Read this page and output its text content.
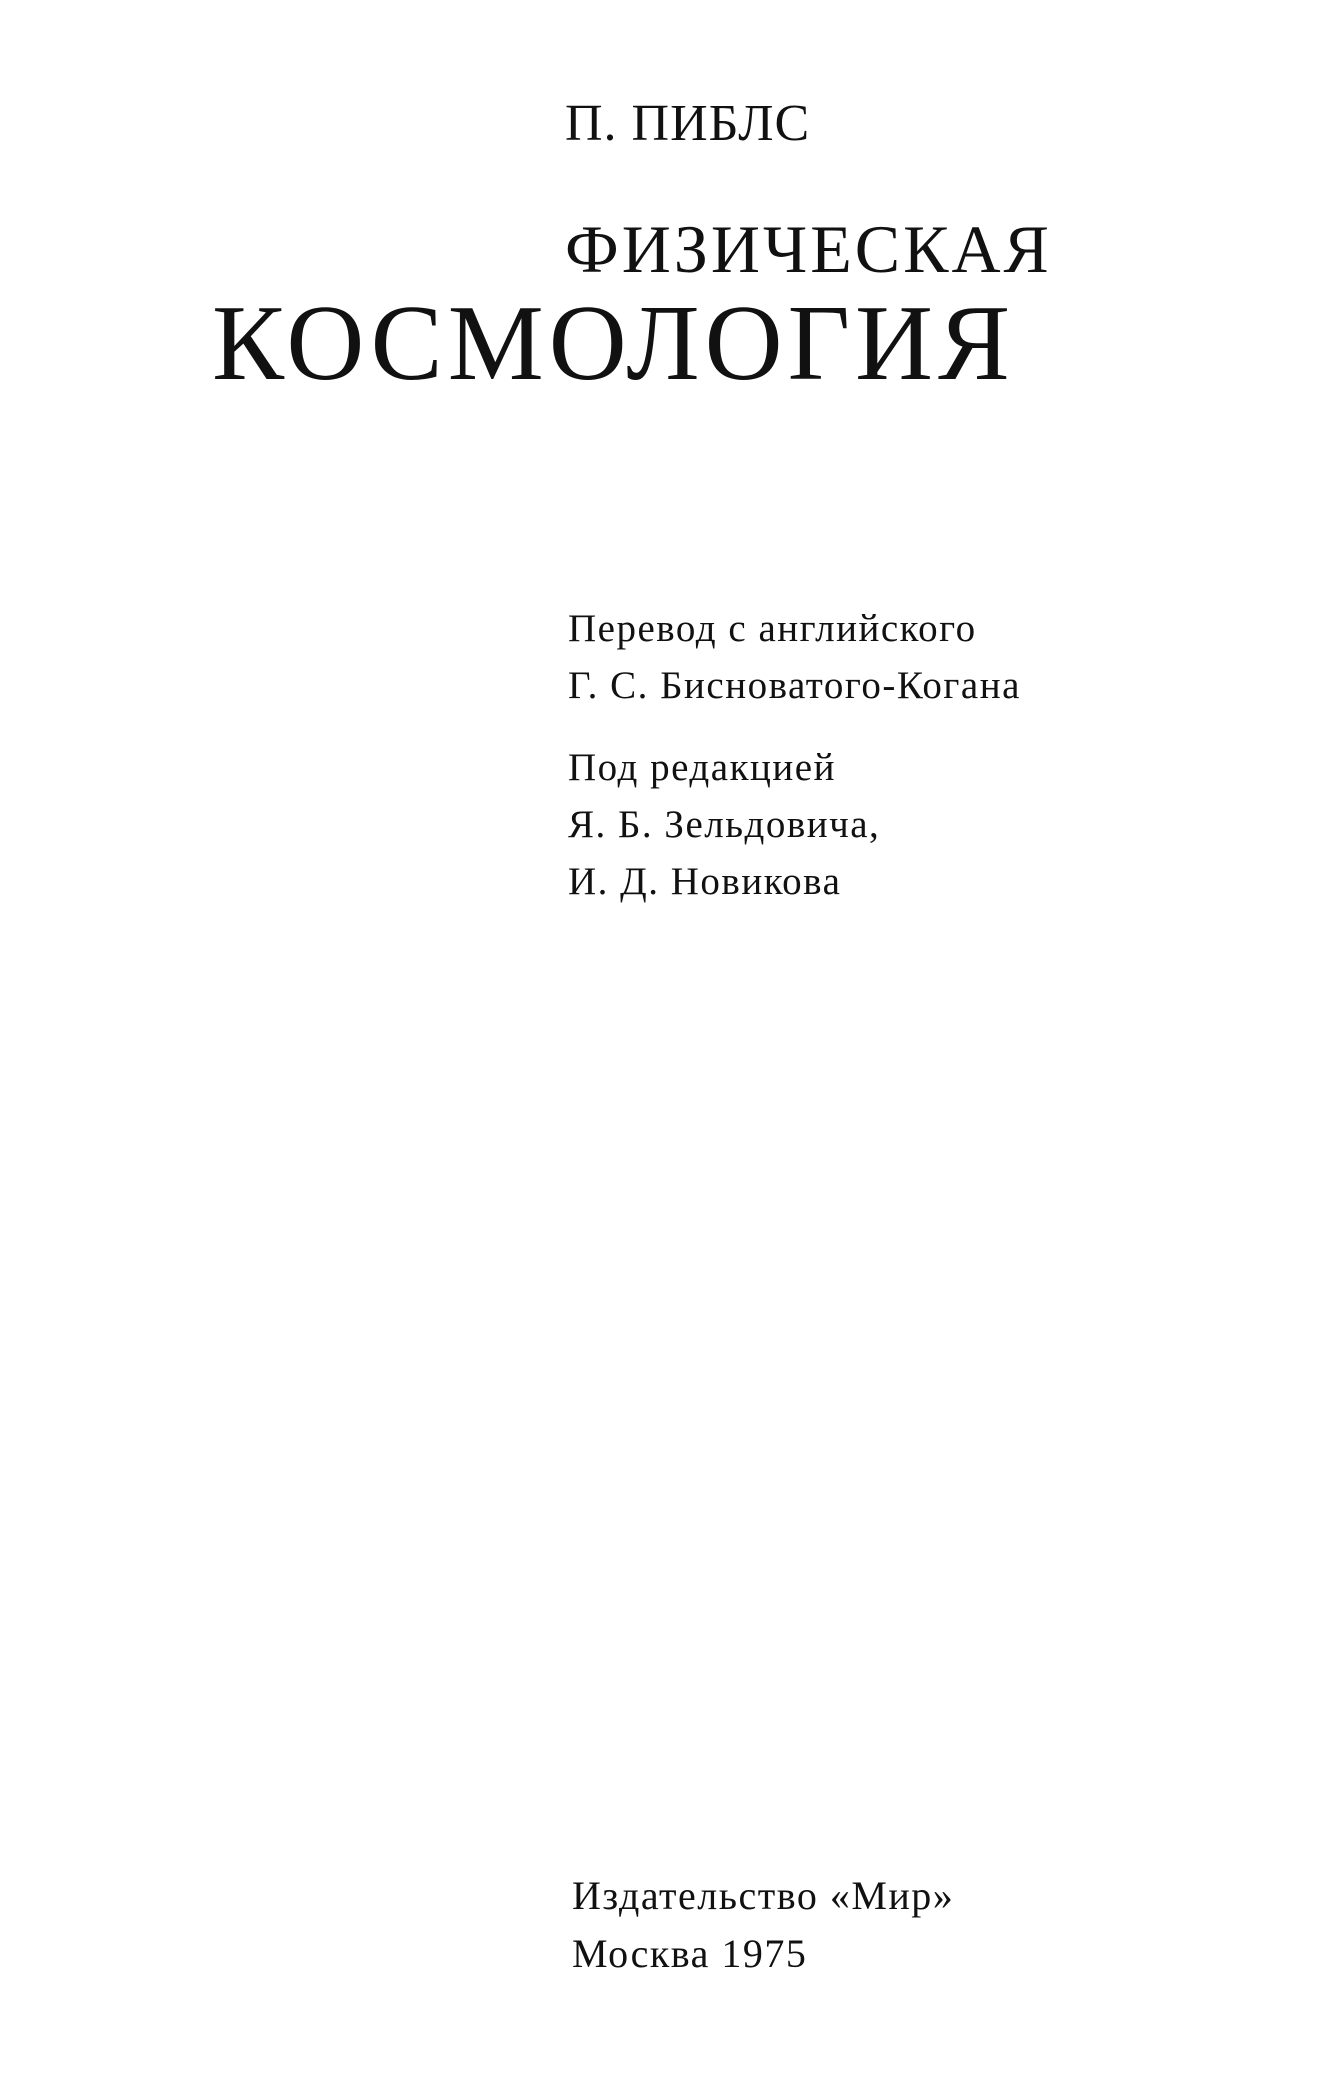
П. ПИБЛС
ФИЗИЧЕСКАЯ
КОСМОЛОГИЯ
Перевод с английского
Г. С. Бисноватого-Когана
Под редакцией
Я. Б. Зельдовича,
И. Д. Новикова
Издательство «Мир»
Москва 1975
